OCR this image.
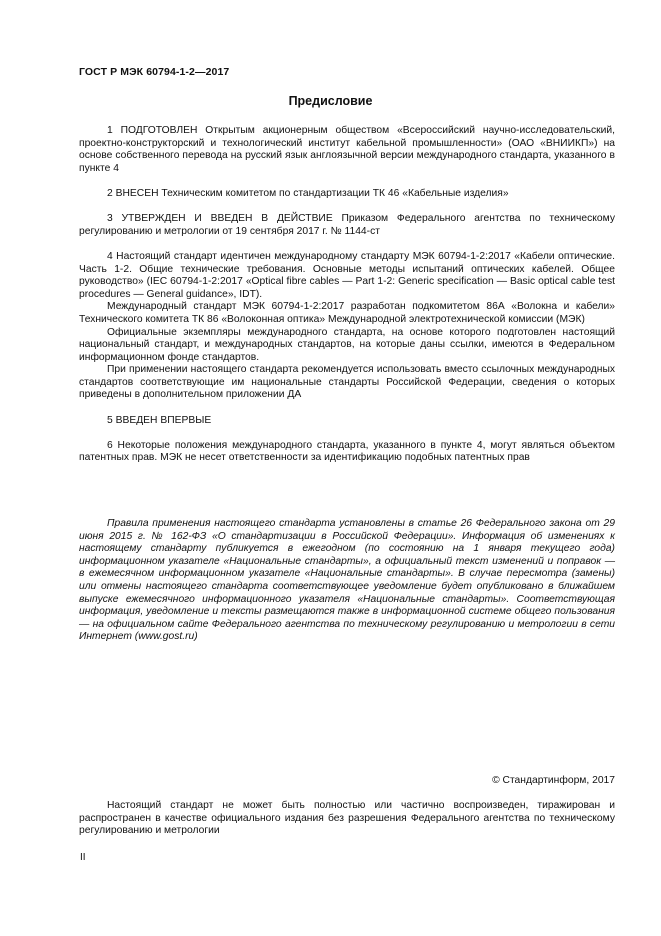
ГОСТ Р МЭК 60794-1-2—2017
Предисловие

1 ПОДГОТОВЛЕН Открытым акционерным обществом «Всероссийский научно-исследовательский, проектно-конструкторский и технологический институт кабельной промышленности» (ОАО «ВНИИКП») на основе собственного перевода на русский язык англоязычной версии международного стандарта, указанного в пункте 4

2 ВНЕСЕН Техническим комитетом по стандартизации ТК 46 «Кабельные изделия»

3 УТВЕРЖДЕН И ВВЕДЕН В ДЕЙСТВИЕ Приказом Федерального агентства по техническому регулированию и метрологии от 19 сентября 2017 г. № 1144-ст

4 Настоящий стандарт идентичен международному стандарту МЭК 60794-1-2:2017 «Кабели оптические. Часть 1-2. Общие технические требования. Основные методы испытаний оптических кабелей. Общее руководство» (IEC 60794-1-2:2017 «Optical fibre cables — Part 1-2: Generic specification — Basic optical cable test procedures — General guidance», IDT).

Международный стандарт МЭК 60794-1-2:2017 разработан подкомитетом 86А «Волокна и кабели» Технического комитета ТК 86 «Волоконная оптика» Международной электротехнической комиссии (МЭК)

Официальные экземпляры международного стандарта, на основе которого подготовлен настоящий национальный стандарт, и международных стандартов, на которые даны ссылки, имеются в Федеральном информационном фонде стандартов.

При применении настоящего стандарта рекомендуется использовать вместо ссылочных международных стандартов соответствующие им национальные стандарты Российской Федерации, сведения о которых приведены в дополнительном приложении ДА

5 ВВЕДЕН ВПЕРВЫЕ

6 Некоторые положения международного стандарта, указанного в пункте 4, могут являться объектом патентных прав. МЭК не несет ответственности за идентификацию подобных патентных прав

Правила применения настоящего стандарта установлены в статье 26 Федерального закона от 29 июня 2015 г. № 162-ФЗ «О стандартизации в Российской Федерации». Информация об изменениях к настоящему стандарту публикуется в ежегодном (по состоянию на 1 января текущего года) информационном указателе «Национальные стандарты», а официальный текст изменений и поправок — в ежемесячном информационном указателе «Национальные стандарты». В случае пересмотра (замены) или отмены настоящего стандарта соответствующее уведомление будет опубликовано в ближайшем выпуске ежемесячного информационного указателя «Национальные стандарты». Соответствующая информация, уведомление и тексты размещаются также в информационной системе общего пользования — на официальном сайте Федерального агентства по техническому регулированию и метрологии в сети Интернет (www.gost.ru)

© Стандартинформ, 2017

Настоящий стандарт не может быть полностью или частично воспроизведен, тиражирован и распространен в качестве официального издания без разрешения Федерального агентства по техническому регулированию и метрологии

II
